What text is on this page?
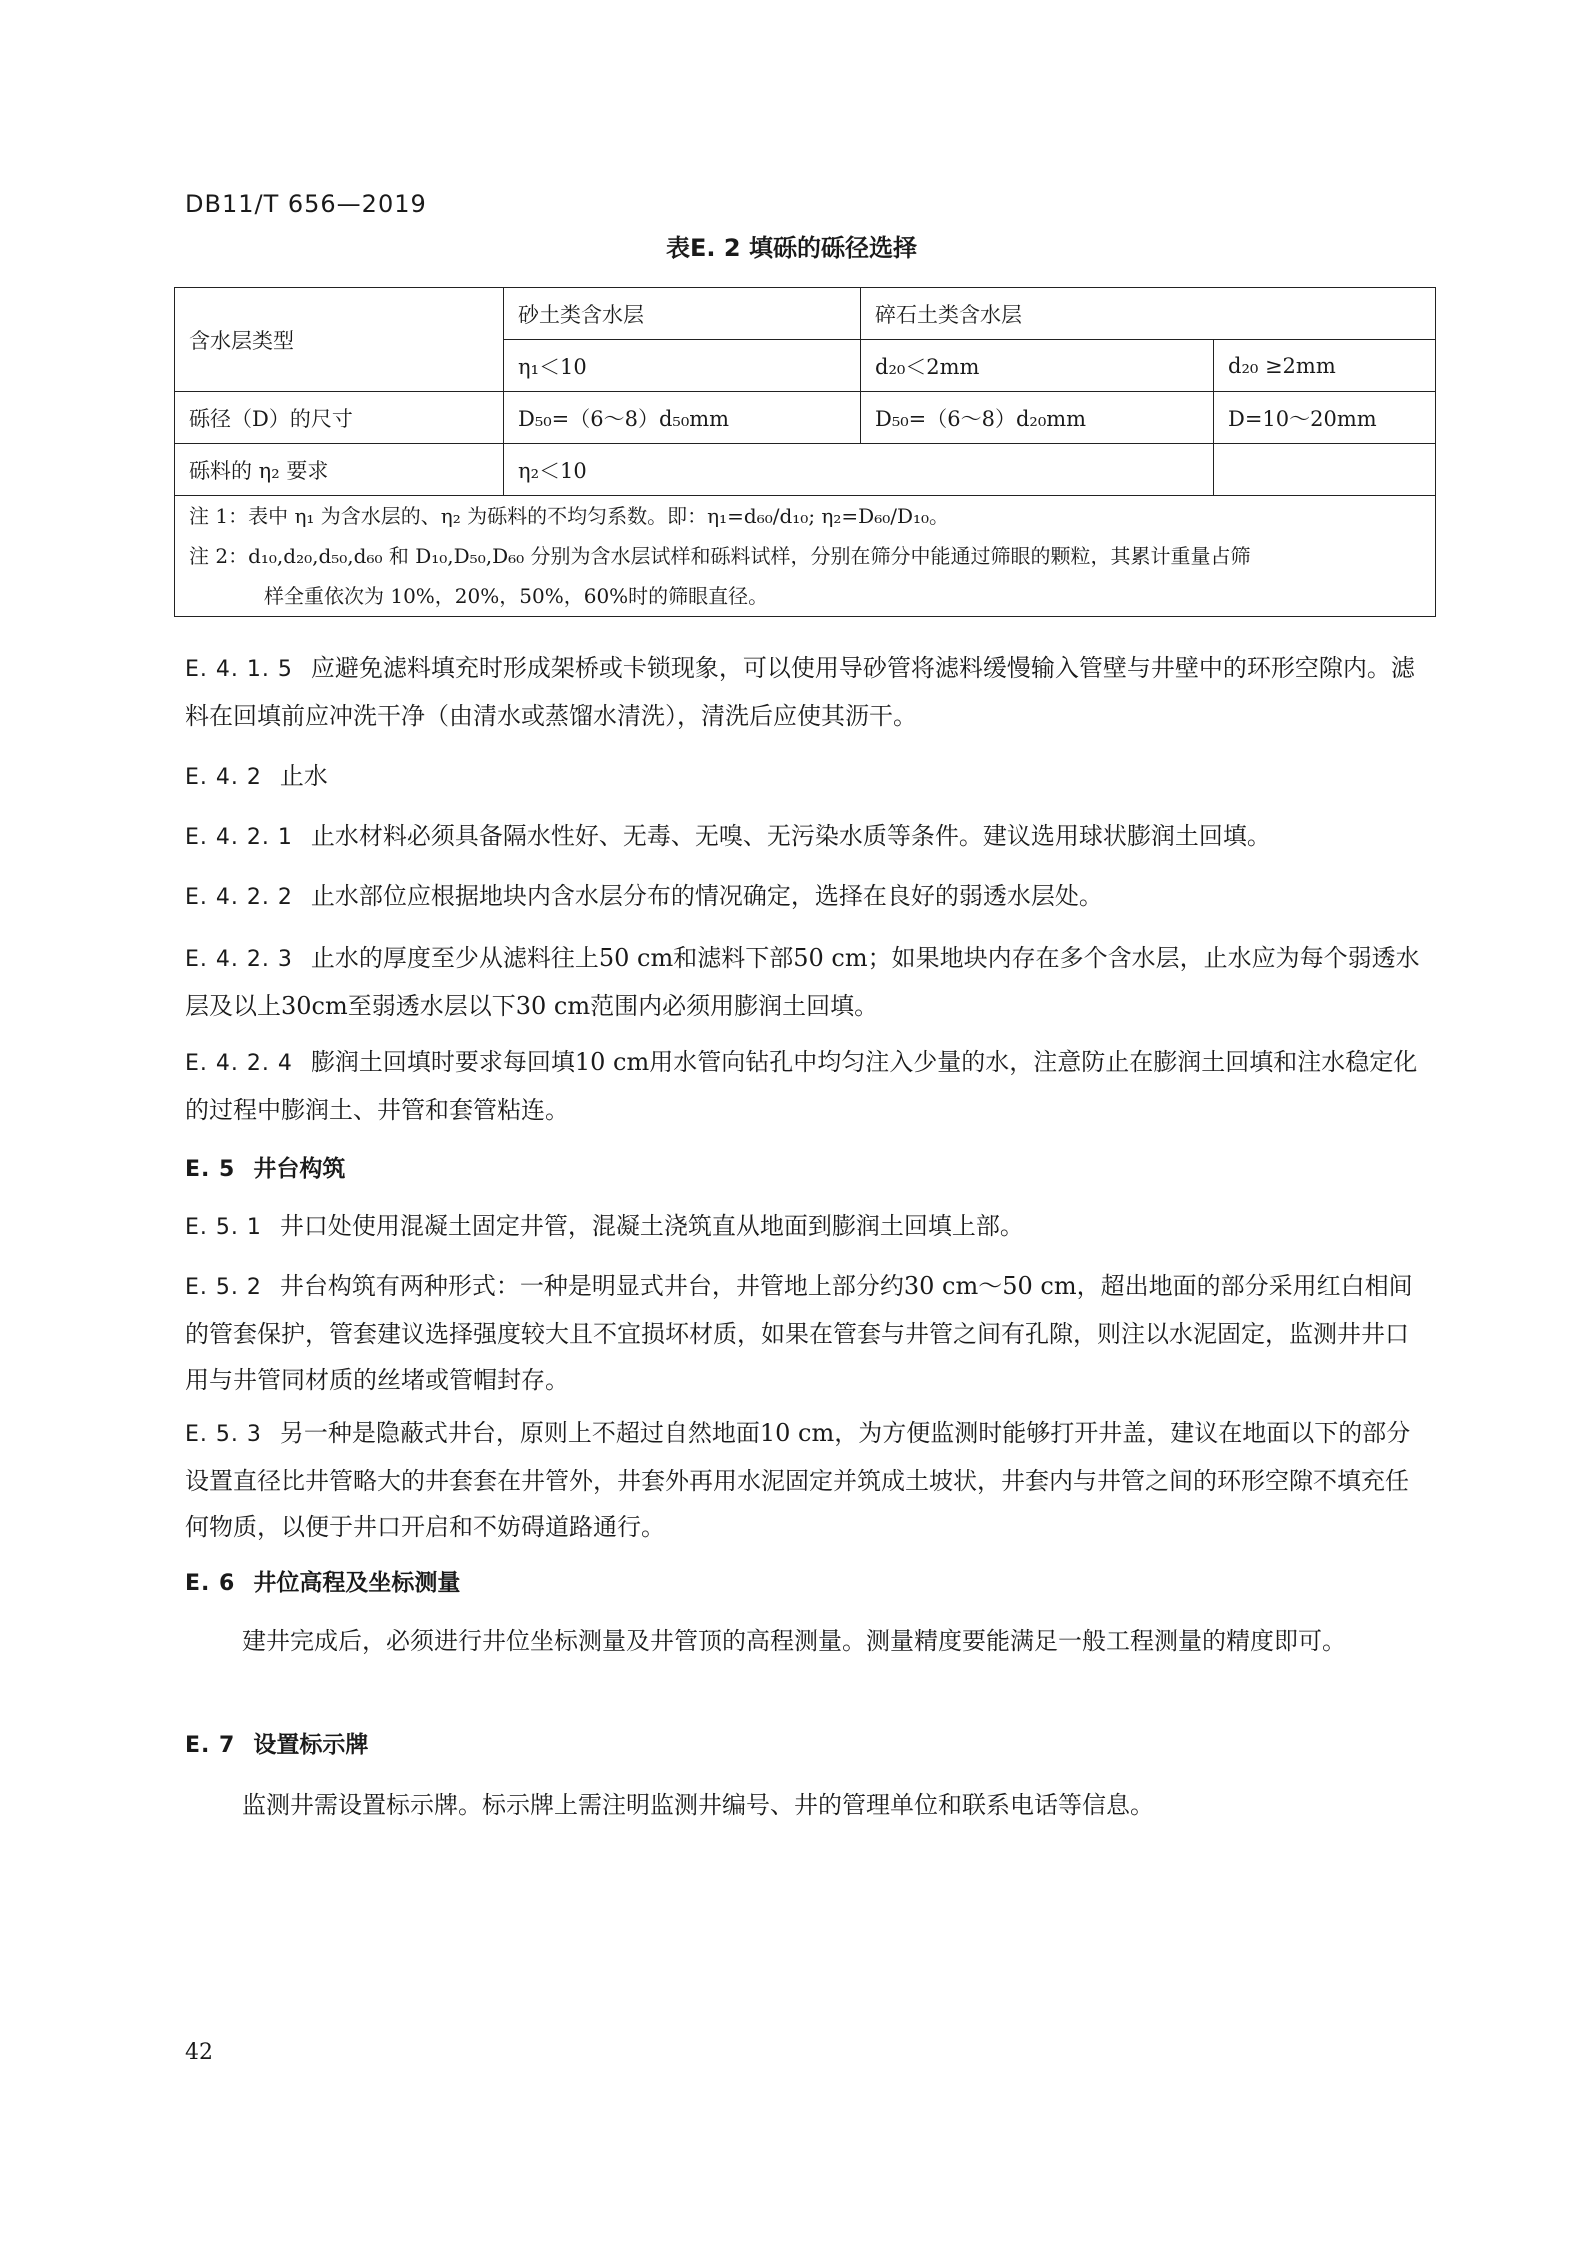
DB11/T 656—2019
表E. 2 填砾的砾径选择
含水层类型	砂土类含水层	碎石土类含水层	
	η₁＜10	d₂₀＜2mm	d₂₀ ≥2mm
砾径（D）的尺寸	D₅₀=（6～8）d₅₀mm	D₅₀=（6～8）d₂₀mm	D=10～20mm
砾料的 η₂ 要求	η₂＜10		

注 1：表中 η₁ 为含水层的、η₂ 为砾料的不均匀系数。即：η₁=d₆₀/d₁₀; η₂=D₆₀/D₁₀。
注 2：d₁₀,d₂₀,d₅₀,d₆₀ 和 D₁₀,D₅₀,D₆₀ 分别为含水层试样和砾料试样，分别在筛分中能通过筛眼的颗粒，其累计重量占筛
样全重依次为 10%，20%，50%，60%时的筛眼直径。			
E. 4. 1. 5 应避免滤料填充时形成架桥或卡锁现象，可以使用导砂管将滤料缓慢输入管壁与井壁中的环形空隙内。滤料在回填前应冲洗干净（由清水或蒸馏水清洗），清洗后应使其沥干。
E. 4. 2 止水
E. 4. 2. 1 止水材料必须具备隔水性好、无毒、无嗅、无污染水质等条件。建议选用球状膨润土回填。
E. 4. 2. 2 止水部位应根据地块内含水层分布的情况确定，选择在良好的弱透水层处。
E. 4. 2. 3 止水的厚度至少从滤料往上50 cm和滤料下部50 cm；如果地块内存在多个含水层，止水应为每个弱透水层及以上30cm至弱透水层以下30 cm范围内必须用膨润土回填。
E. 4. 2. 4 膨润土回填时要求每回填10 cm用水管向钻孔中均匀注入少量的水，注意防止在膨润土回填和注水稳定化的过程中膨润土、井管和套管粘连。
E. 5 井台构筑
E. 5. 1 井口处使用混凝土固定井管，混凝土浇筑直从地面到膨润土回填上部。
E. 5. 2 井台构筑有两种形式：一种是明显式井台，井管地上部分约30 cm～50 cm，超出地面的部分采用红白相间的管套保护，管套建议选择强度较大且不宜损坏材质，如果在管套与井管之间有孔隙，则注以水泥固定，监测井井口用与井管同材质的丝堵或管帽封存。
E. 5. 3 另一种是隐蔽式井台，原则上不超过自然地面10 cm，为方便监测时能够打开井盖，建议在地面以下的部分设置直径比井管略大的井套套在井管外，井套外再用水泥固定并筑成土坡状，井套内与井管之间的环形空隙不填充任何物质，以便于井口开启和不妨碍道路通行。
E. 6 井位高程及坐标测量
建井完成后，必须进行井位坐标测量及井管顶的高程测量。测量精度要能满足一般工程测量的精度即可。
E. 7 设置标示牌
监测井需设置标示牌。标示牌上需注明监测井编号、井的管理单位和联系电话等信息。
42
